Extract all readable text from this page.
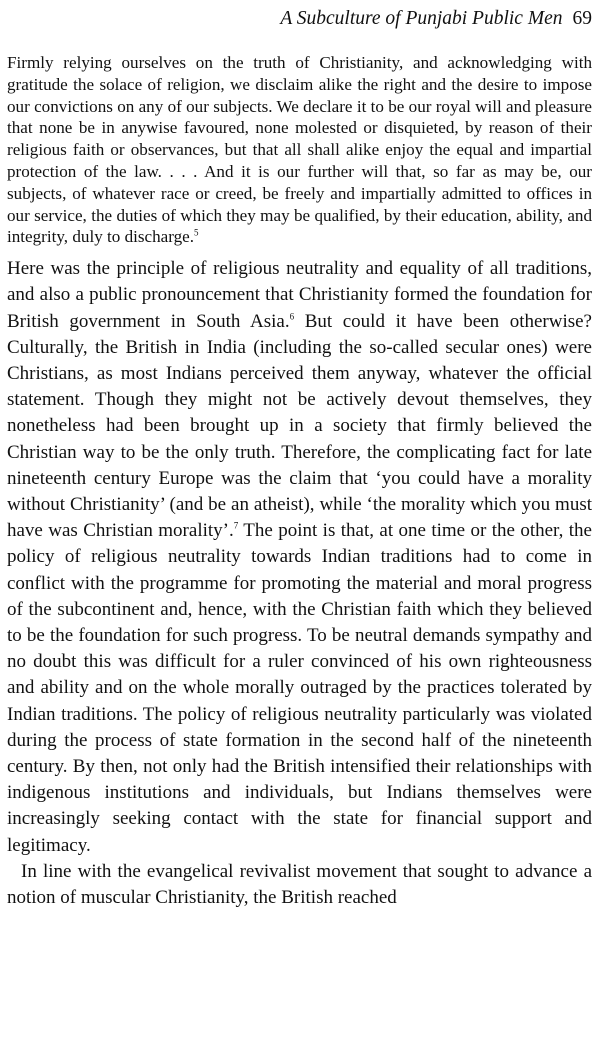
A Subculture of Punjabi Public Men 69

Firmly relying ourselves on the truth of Christianity, and acknowledging with gratitude the solace of religion, we disclaim alike the right and the desire to impose our convictions on any of our subjects. We declare it to be our royal will and pleasure that none be in anywise favoured, none molested or disquieted, by reason of their religious faith or observances, but that all shall alike enjoy the equal and impartial protection of the law. . . . And it is our further will that, so far as may be, our subjects, of whatever race or creed, be freely and impartially admitted to offices in our service, the duties of which they may be qualified, by their education, ability, and integrity, duly to discharge.$^5$

Here was the principle of religious neutrality and equality of all traditions, and also a public pronouncement that Christianity formed the foundation for British government in South Asia.$^6$ But could it have been otherwise? Culturally, the British in India (including the so-called secular ones) were Christians, as most Indians perceived them anyway, whatever the official statement. Though they might not be actively devout themselves, they nonetheless had been brought up in a society that firmly believed the Christian way to be the only truth. Therefore, the complicating fact for late nineteenth century Europe was the claim that ‘you could have a morality without Christianity’ (and be an atheist), while ‘the morality which you must have was Christian morality’.$^7$ The point is that, at one time or the other, the policy of religious neutrality towards Indian traditions had to come in conflict with the programme for promoting the material and moral progress of the subcontinent and, hence, with the Christian faith which they believed to be the foundation for such progress. To be neutral demands sympathy and no doubt this was difficult for a ruler convinced of his own righteousness and ability and on the whole morally outraged by the practices tolerated by Indian traditions. The policy of religious neutrality particularly was violated during the process of state formation in the second half of the nineteenth century. By then, not only had the British intensified their relationships with indigenous institutions and individuals, but Indians themselves were increasingly seeking contact with the state for financial support and legitimacy.

In line with the evangelical revivalist movement that sought to advance a notion of muscular Christianity, the British reached
